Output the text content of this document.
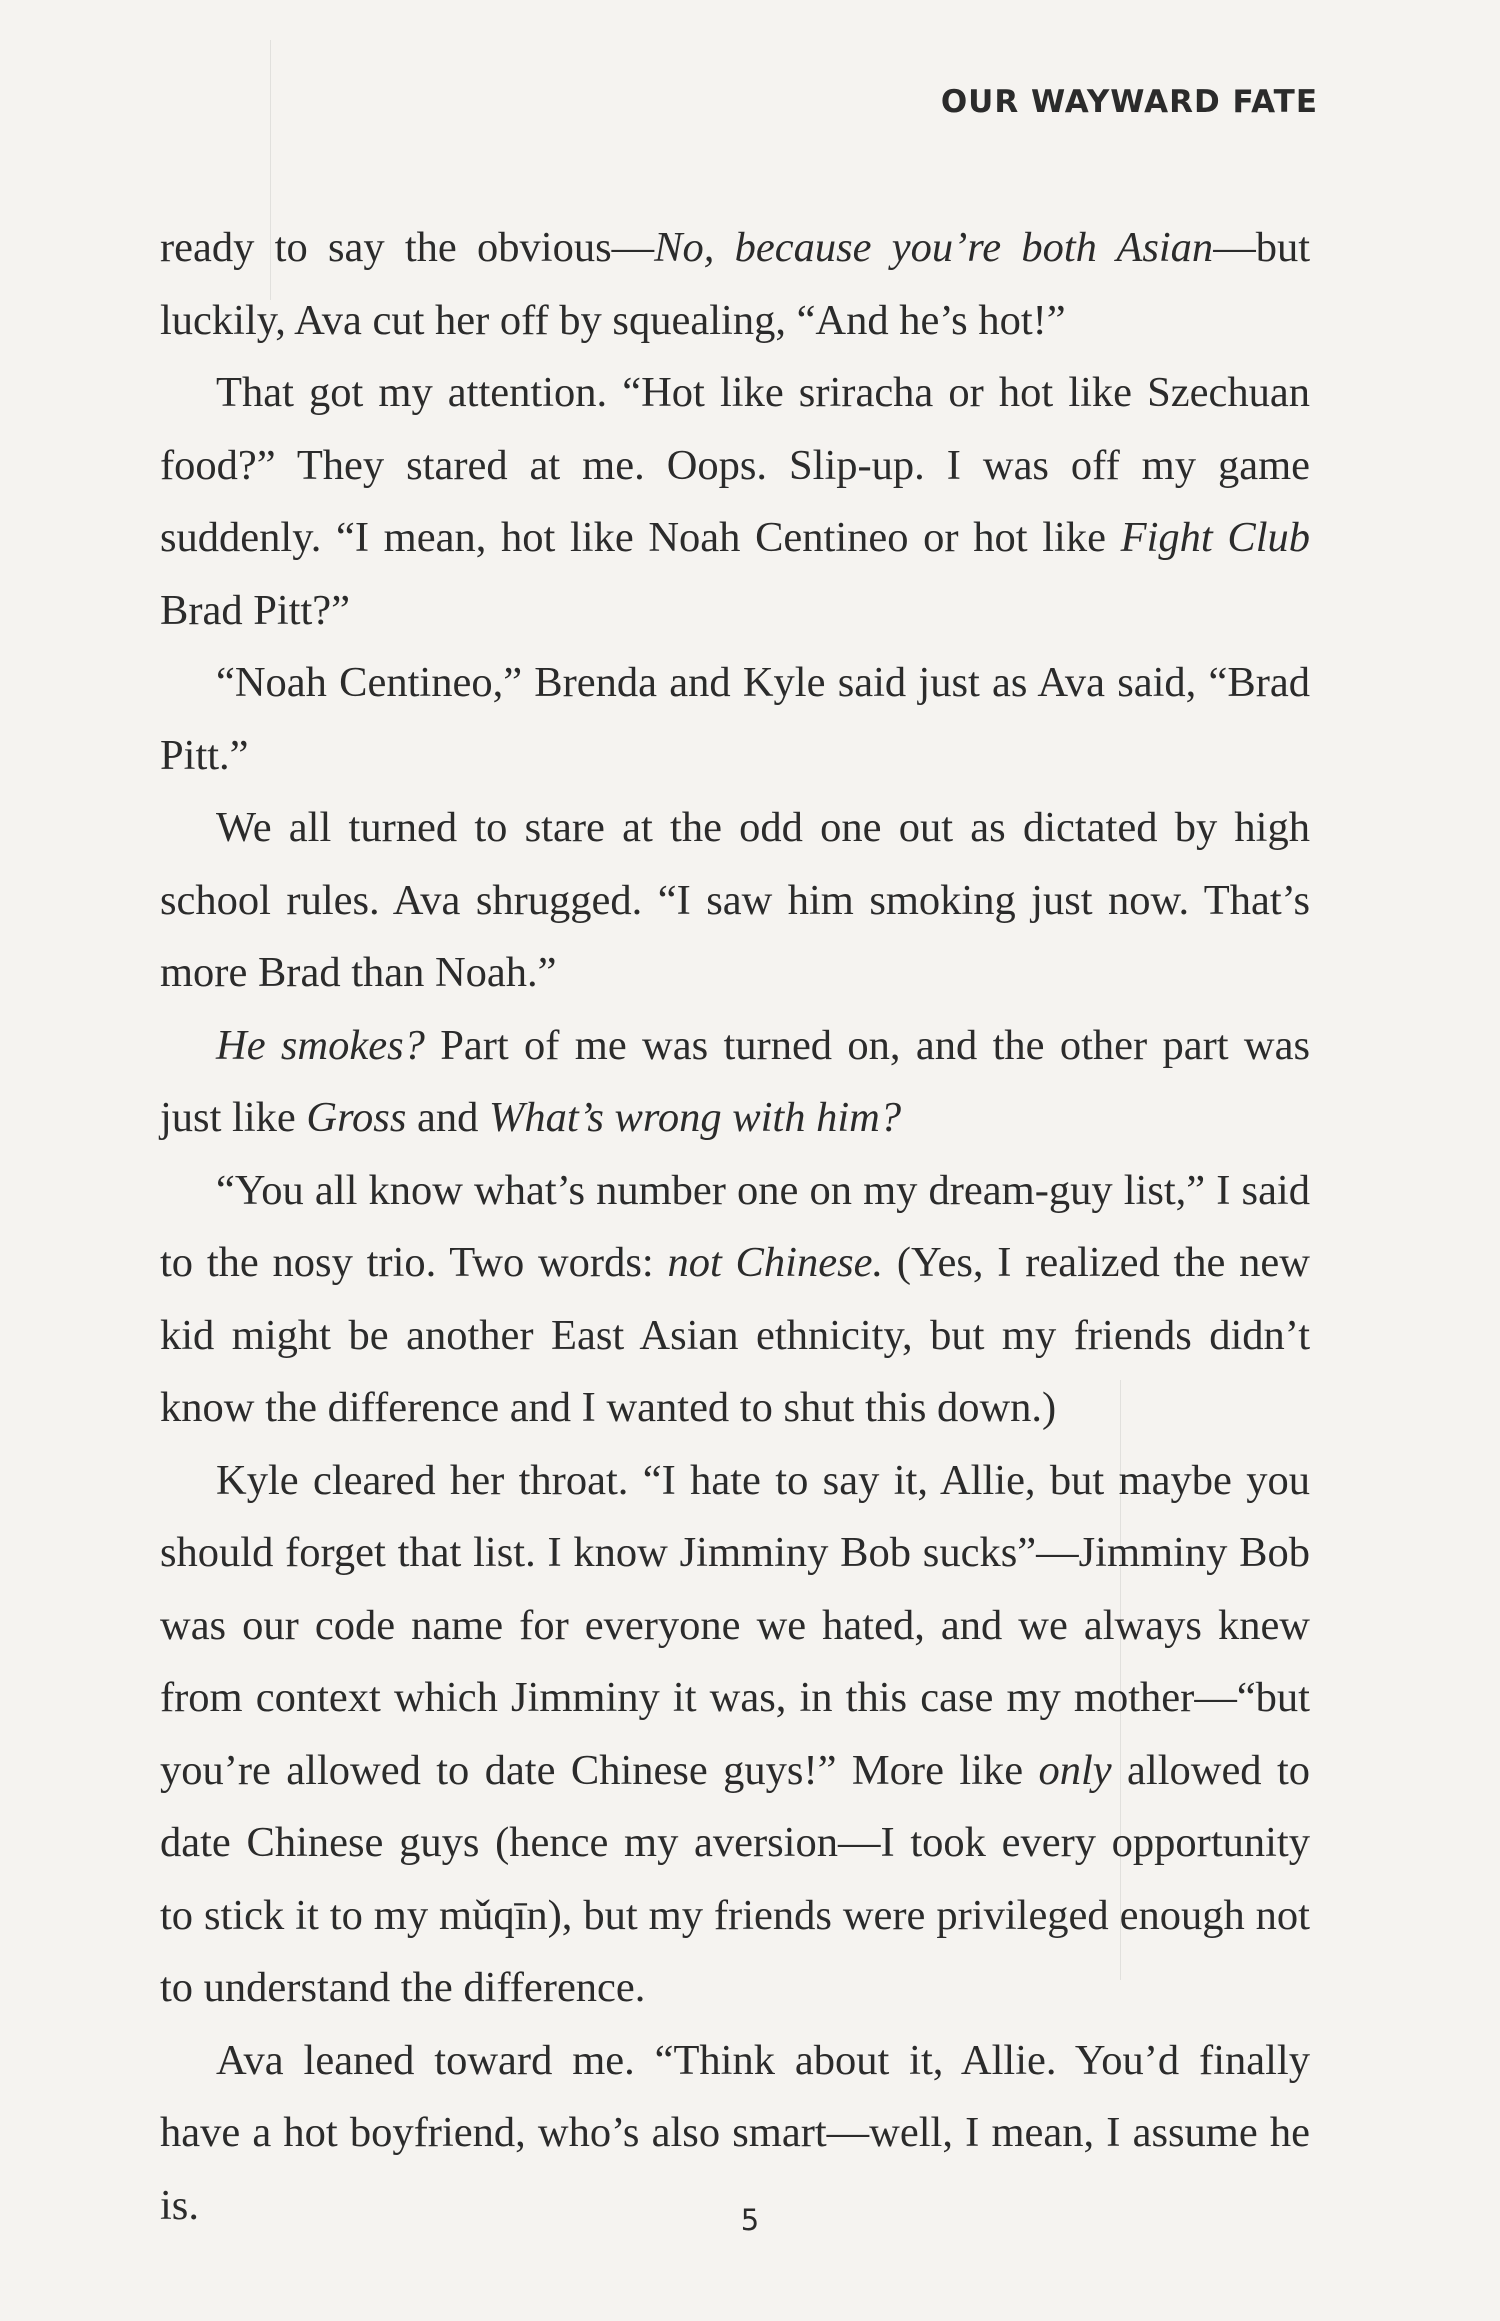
OUR WAYWARD FATE

ready to say the obvious—No, because you’re both Asian—but luckily, Ava cut her off by squealing, “And he’s hot!”

That got my attention. “Hot like sriracha or hot like Szechuan food?” They stared at me. Oops. Slip-up. I was off my game suddenly. “I mean, hot like Noah Centineo or hot like Fight Club Brad Pitt?”

“Noah Centineo,” Brenda and Kyle said just as Ava said, “Brad Pitt.”

We all turned to stare at the odd one out as dictated by high school rules. Ava shrugged. “I saw him smoking just now. That’s more Brad than Noah.”

He smokes? Part of me was turned on, and the other part was just like Gross and What’s wrong with him?

“You all know what’s number one on my dream-guy list,” I said to the nosy trio. Two words: not Chinese. (Yes, I realized the new kid might be another East Asian ethnicity, but my friends didn’t know the difference and I wanted to shut this down.)

Kyle cleared her throat. “I hate to say it, Allie, but maybe you should forget that list. I know Jimminy Bob sucks”—Jimminy Bob was our code name for everyone we hated, and we always knew from context which Jimminy it was, in this case my mother—“but you’re allowed to date Chinese guys!” More like only allowed to date Chinese guys (hence my aversion—I took every opportunity to stick it to my mǔqīn), but my friends were privileged enough not to understand the difference.

Ava leaned toward me. “Think about it, Allie. You’d finally have a hot boyfriend, who’s also smart—well, I mean, I assume he is.	5
